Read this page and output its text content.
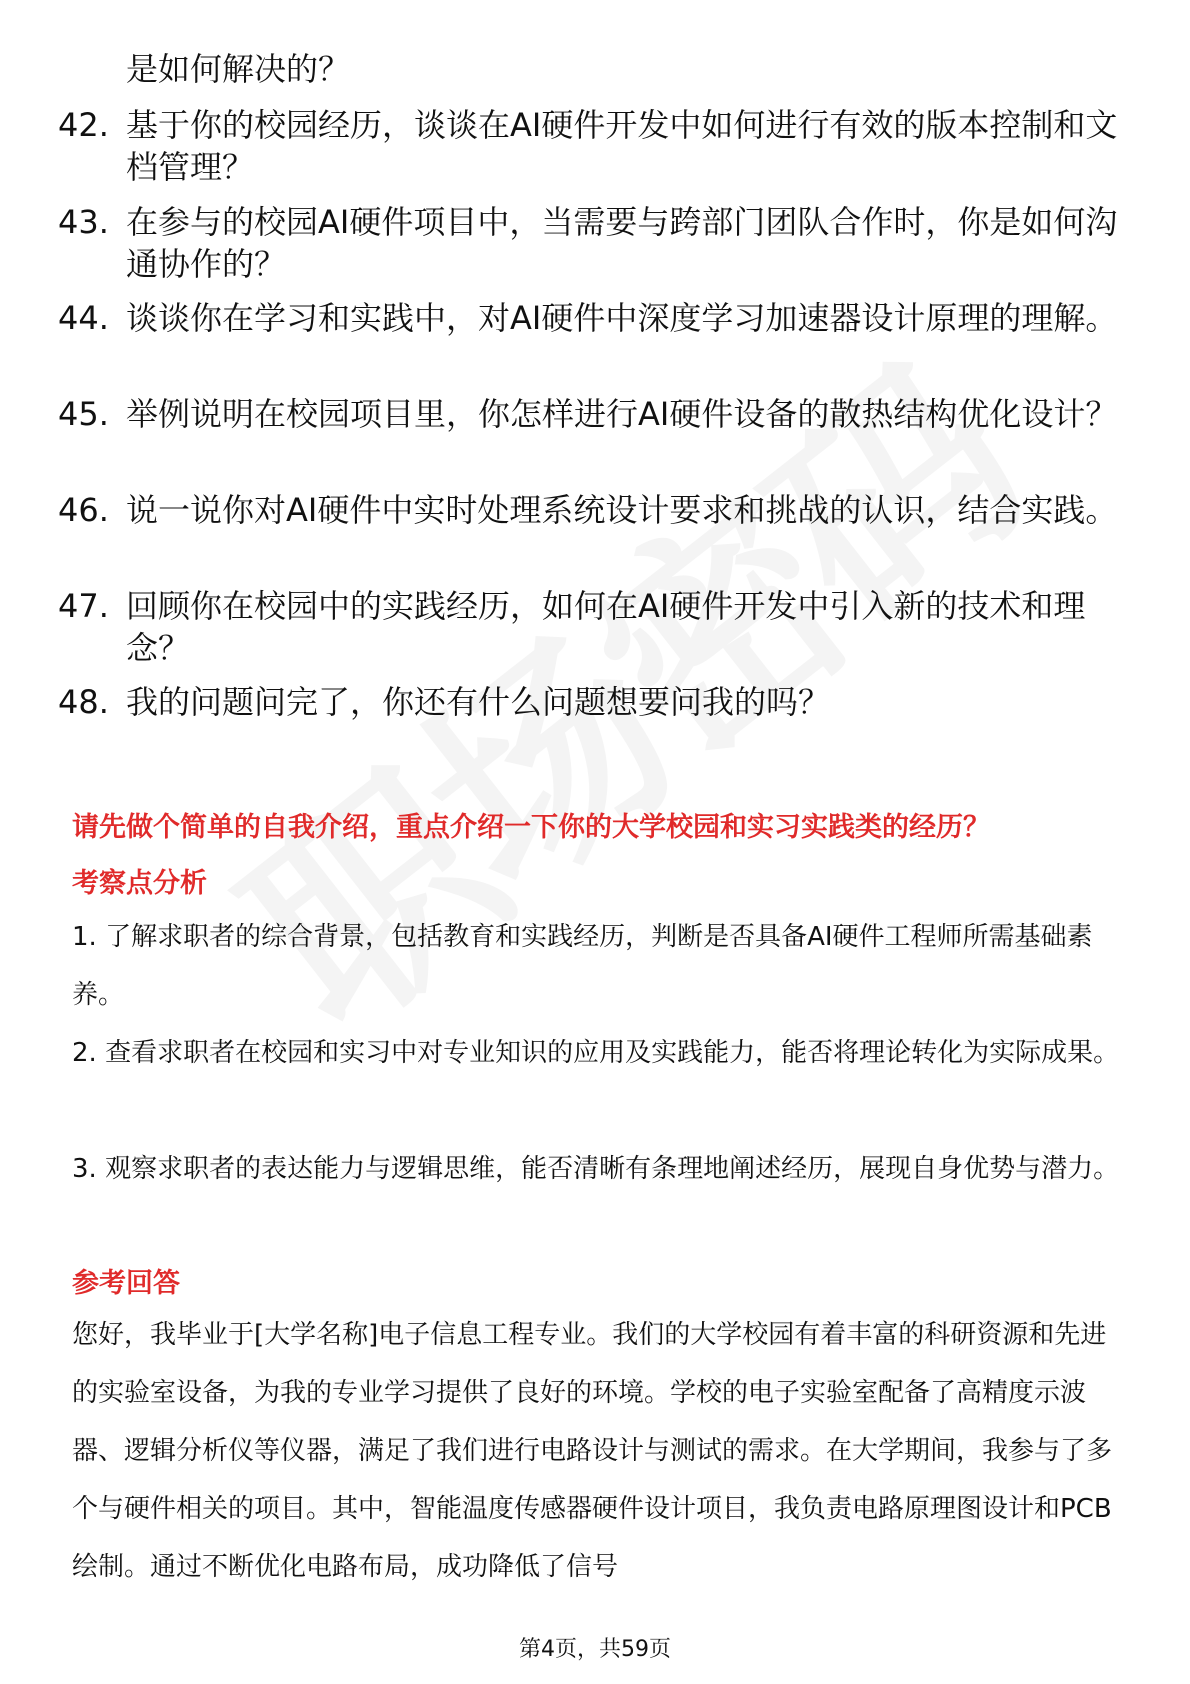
是如何解决的？
42. 基于你的校园经历，谈谈在AI硬件开发中如何进行有效的版本控制和文档管理？
43. 在参与的校园AI硬件项目中，当需要与跨部门团队合作时，你是如何沟通协作的？
44. 谈谈你在学习和实践中，对AI硬件中深度学习加速器设计原理的理解。
45. 举例说明在校园项目里，你怎样进行AI硬件设备的散热结构优化设计？
46. 说一说你对AI硬件中实时处理系统设计要求和挑战的认识，结合实践。
47. 回顾你在校园中的实践经历，如何在AI硬件开发中引入新的技术和理念？
48. 我的问题问完了，你还有什么问题想要问我的吗？
请先做个简单的自我介绍，重点介绍一下你的大学校园和实习实践类的经历？
考察点分析
1. 了解求职者的综合背景，包括教育和实践经历，判断是否具备AI硬件工程师所需基础素养。
2. 查看求职者在校园和实习中对专业知识的应用及实践能力，能否将理论转化为实际成果。
3. 观察求职者的表达能力与逻辑思维，能否清晰有条理地阐述经历，展现自身优势与潜力。
参考回答
您好，我毕业于[大学名称]电子信息工程专业。我们的大学校园有着丰富的科研资源和先进的实验室设备，为我的专业学习提供了良好的环境。学校的电子实验室配备了高精度示波器、逻辑分析仪等仪器，满足了我们进行电路设计与测试的需求。在大学期间，我参与了多个与硬件相关的项目。其中，智能温度传感器硬件设计项目，我负责电路原理图设计和PCB绘制。通过不断优化电路布局，成功降低了信号
第4页，共59页
